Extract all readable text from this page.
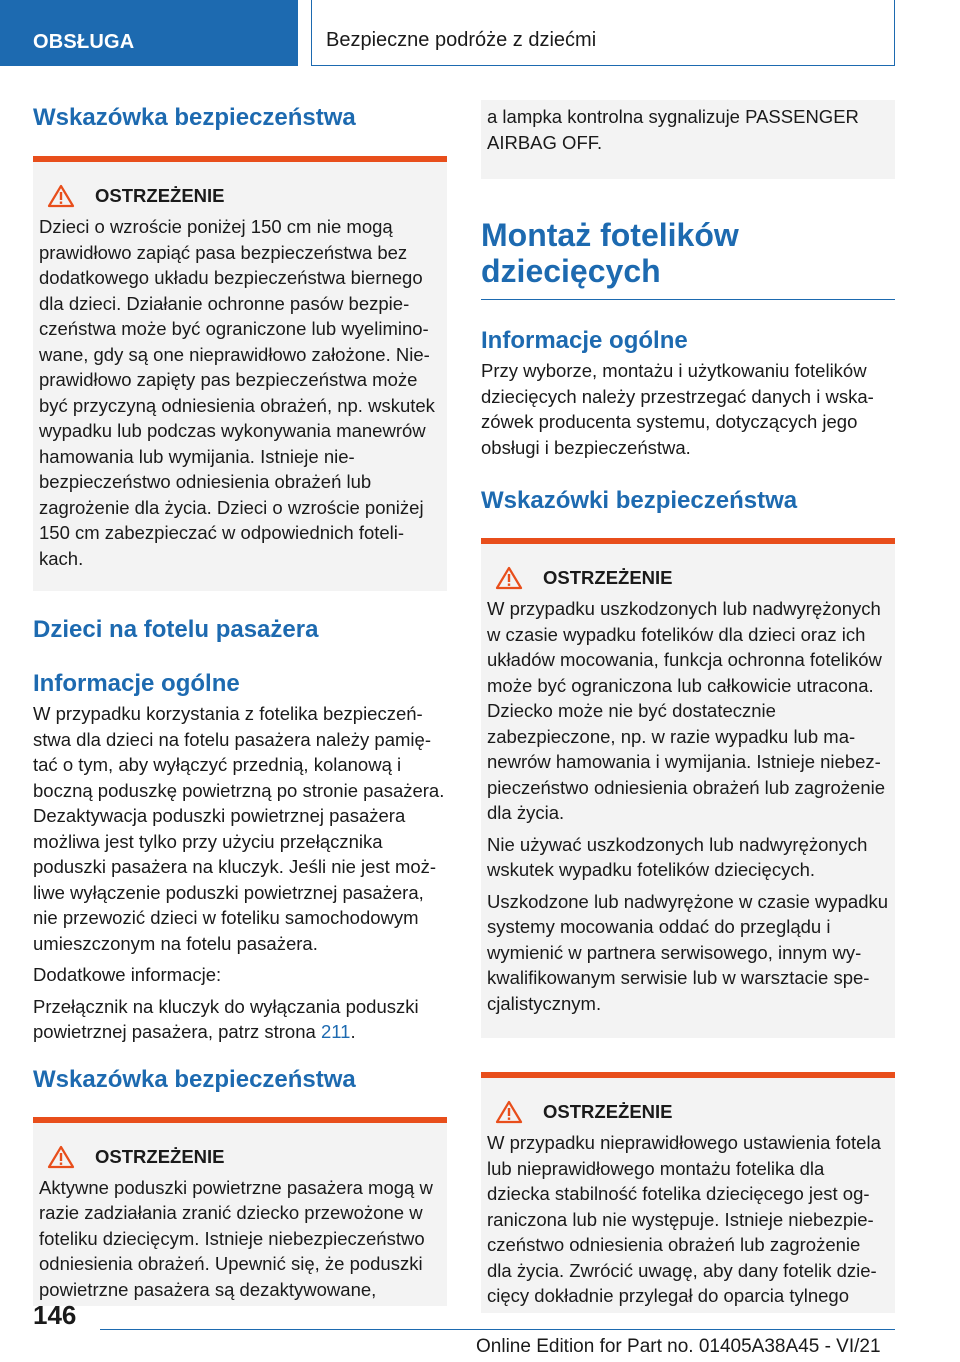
OBSŁUGA	Bezpieczne podróże z dziećmi
Wskazówka bezpieczeństwa
OSTRZEŻENIE
Dzieci o wzroście poniżej 150 cm nie mogą prawidłowo zapiąć pasa bezpieczeństwa bez dodatkowego układu bezpieczeństwa biernego dla dzieci. Działanie ochronne pasów bezpieczeństwa może być ograniczone lub wyeliminowane, gdy są one nieprawidłowo założone. Nieprawidłowo zapięty pas bezpieczeństwa może być przyczyną odniesienia obrażeń, np. wskutek wypadku lub podczas wykonywania manewrów hamowania lub wymijania. Istnieje niebezpieczeństwo odniesienia obrażeń lub zagrożenie dla życia. Dzieci o wzroście poniżej 150 cm zabezpieczać w odpowiednich fotelikach.
Dzieci na fotelu pasażera
Informacje ogólne
W przypadku korzystania z fotelika bezpieczeństwa dla dzieci na fotelu pasażera należy pamiętać o tym, aby wyłączyć przednią, kolanową i boczną poduszkę powietrzną po stronie pasażera. Dezaktywacja poduszki powietrznej pasażera możliwa jest tylko przy użyciu przełącznika poduszki pasażera na kluczyk. Jeśli nie jest możliwe wyłączenie poduszki powietrznej pasażera, nie przewozić dzieci w foteliku samochodowym umieszczonym na fotelu pasażera.
Dodatkowe informacje:
Przełącznik na kluczyk do wyłączania poduszki powietrznej pasażera, patrz strona 211.
Wskazówka bezpieczeństwa
OSTRZEŻENIE
Aktywne poduszki powietrzne pasażera mogą w razie zadziałania zranić dziecko przewożone w foteliku dziecięcym. Istnieje niebezpieczeństwo odniesienia obrażeń. Upewnić się, że poduszki powietrzne pasażera są dezaktywowane,
a lampka kontrolna sygnalizuje PASSENGER AIRBAG OFF.
Montaż fotelików dziecięcych
Informacje ogólne
Przy wyborze, montażu i użytkowaniu fotelików dziecięcych należy przestrzegać danych i wskazówek producenta systemu, dotyczących jego obsługi i bezpieczeństwa.
Wskazówki bezpieczeństwa
OSTRZEŻENIE
W przypadku uszkodzonych lub nadwyrężonych w czasie wypadku fotelików dla dzieci oraz ich układów mocowania, funkcja ochronna fotelików może być ograniczona lub całkowicie utracona. Dziecko może nie być dostatecznie zabezpieczone, np. w razie wypadku lub manewrów hamowania i wymijania. Istnieje niebezpieczeństwo odniesienia obrażeń lub zagrożenie dla życia.
Nie używać uszkodzonych lub nadwyrężonych wskutek wypadku fotelików dziecięcych.
Uszkodzone lub nadwyrężone w czasie wypadku systemy mocowania oddać do przeglądu i wymienić w partnera serwisowego, innym wykwalifikowanym serwisie lub w warsztacie specjalistycznym.
OSTRZEŻENIE
W przypadku nieprawidłowego ustawienia fotela lub nieprawidłowego montażu fotelika dla dziecka stabilność fotelika dziecięcego jest ograniczona lub nie występuje. Istnieje niebezpieczeństwo odniesienia obrażeń lub zagrożenie dla życia. Zwrócić uwagę, aby dany fotelik dziecięcy dokładnie przylegał do oparcia tylnego
146
Online Edition for Part no. 01405A38A45 - VI/21
